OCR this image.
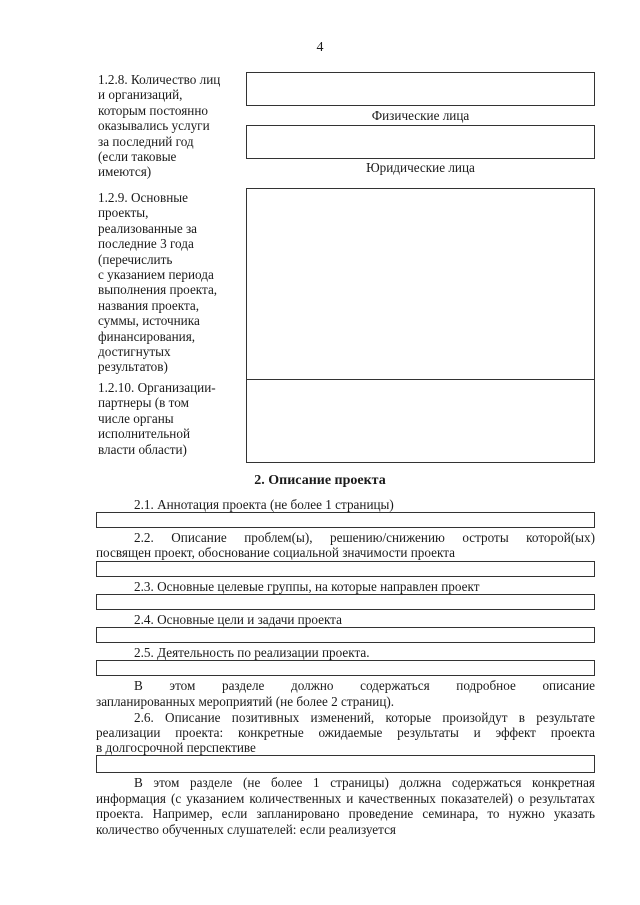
4
1.2.8. Количество лиц
и организаций,
которым постоянно
оказывались услуги
за последний год
(если таковые
имеются)
Физические лица
Юридические лица
1.2.9. Основные
проекты,
реализованные за
последние 3 года
(перечислить
с указанием периода
выполнения проекта,
названия проекта,
суммы, источника
финансирования,
достигнутых
результатов)
1.2.10. Организации-
партнеры (в том
числе органы
исполнительной
власти области)
2. Описание проекта
2.1. Аннотация проекта (не более 1 страницы)
2.2. Описание проблем(ы), решению/снижению остроты которой(ых)
посвящен проект, обоснование социальной значимости проекта
2.3. Основные целевые группы, на которые направлен проект
2.4. Основные цели и задачи проекта
2.5. Деятельность по реализации проекта.
В этом разделе должно содержаться подробное описание
запланированных мероприятий (не более 2 страниц).
2.6. Описание позитивных изменений, которые произойдут в результате
реализации проекта: конкретные ожидаемые результаты и эффект проекта
в долгосрочной перспективе
В этом разделе (не более 1 страницы) должна содержаться конкретная информация (с указанием количественных и качественных показателей) о результатах проекта. Например, если запланировано проведение семинара, то нужно указать количество обученных слушателей: если реализуется
